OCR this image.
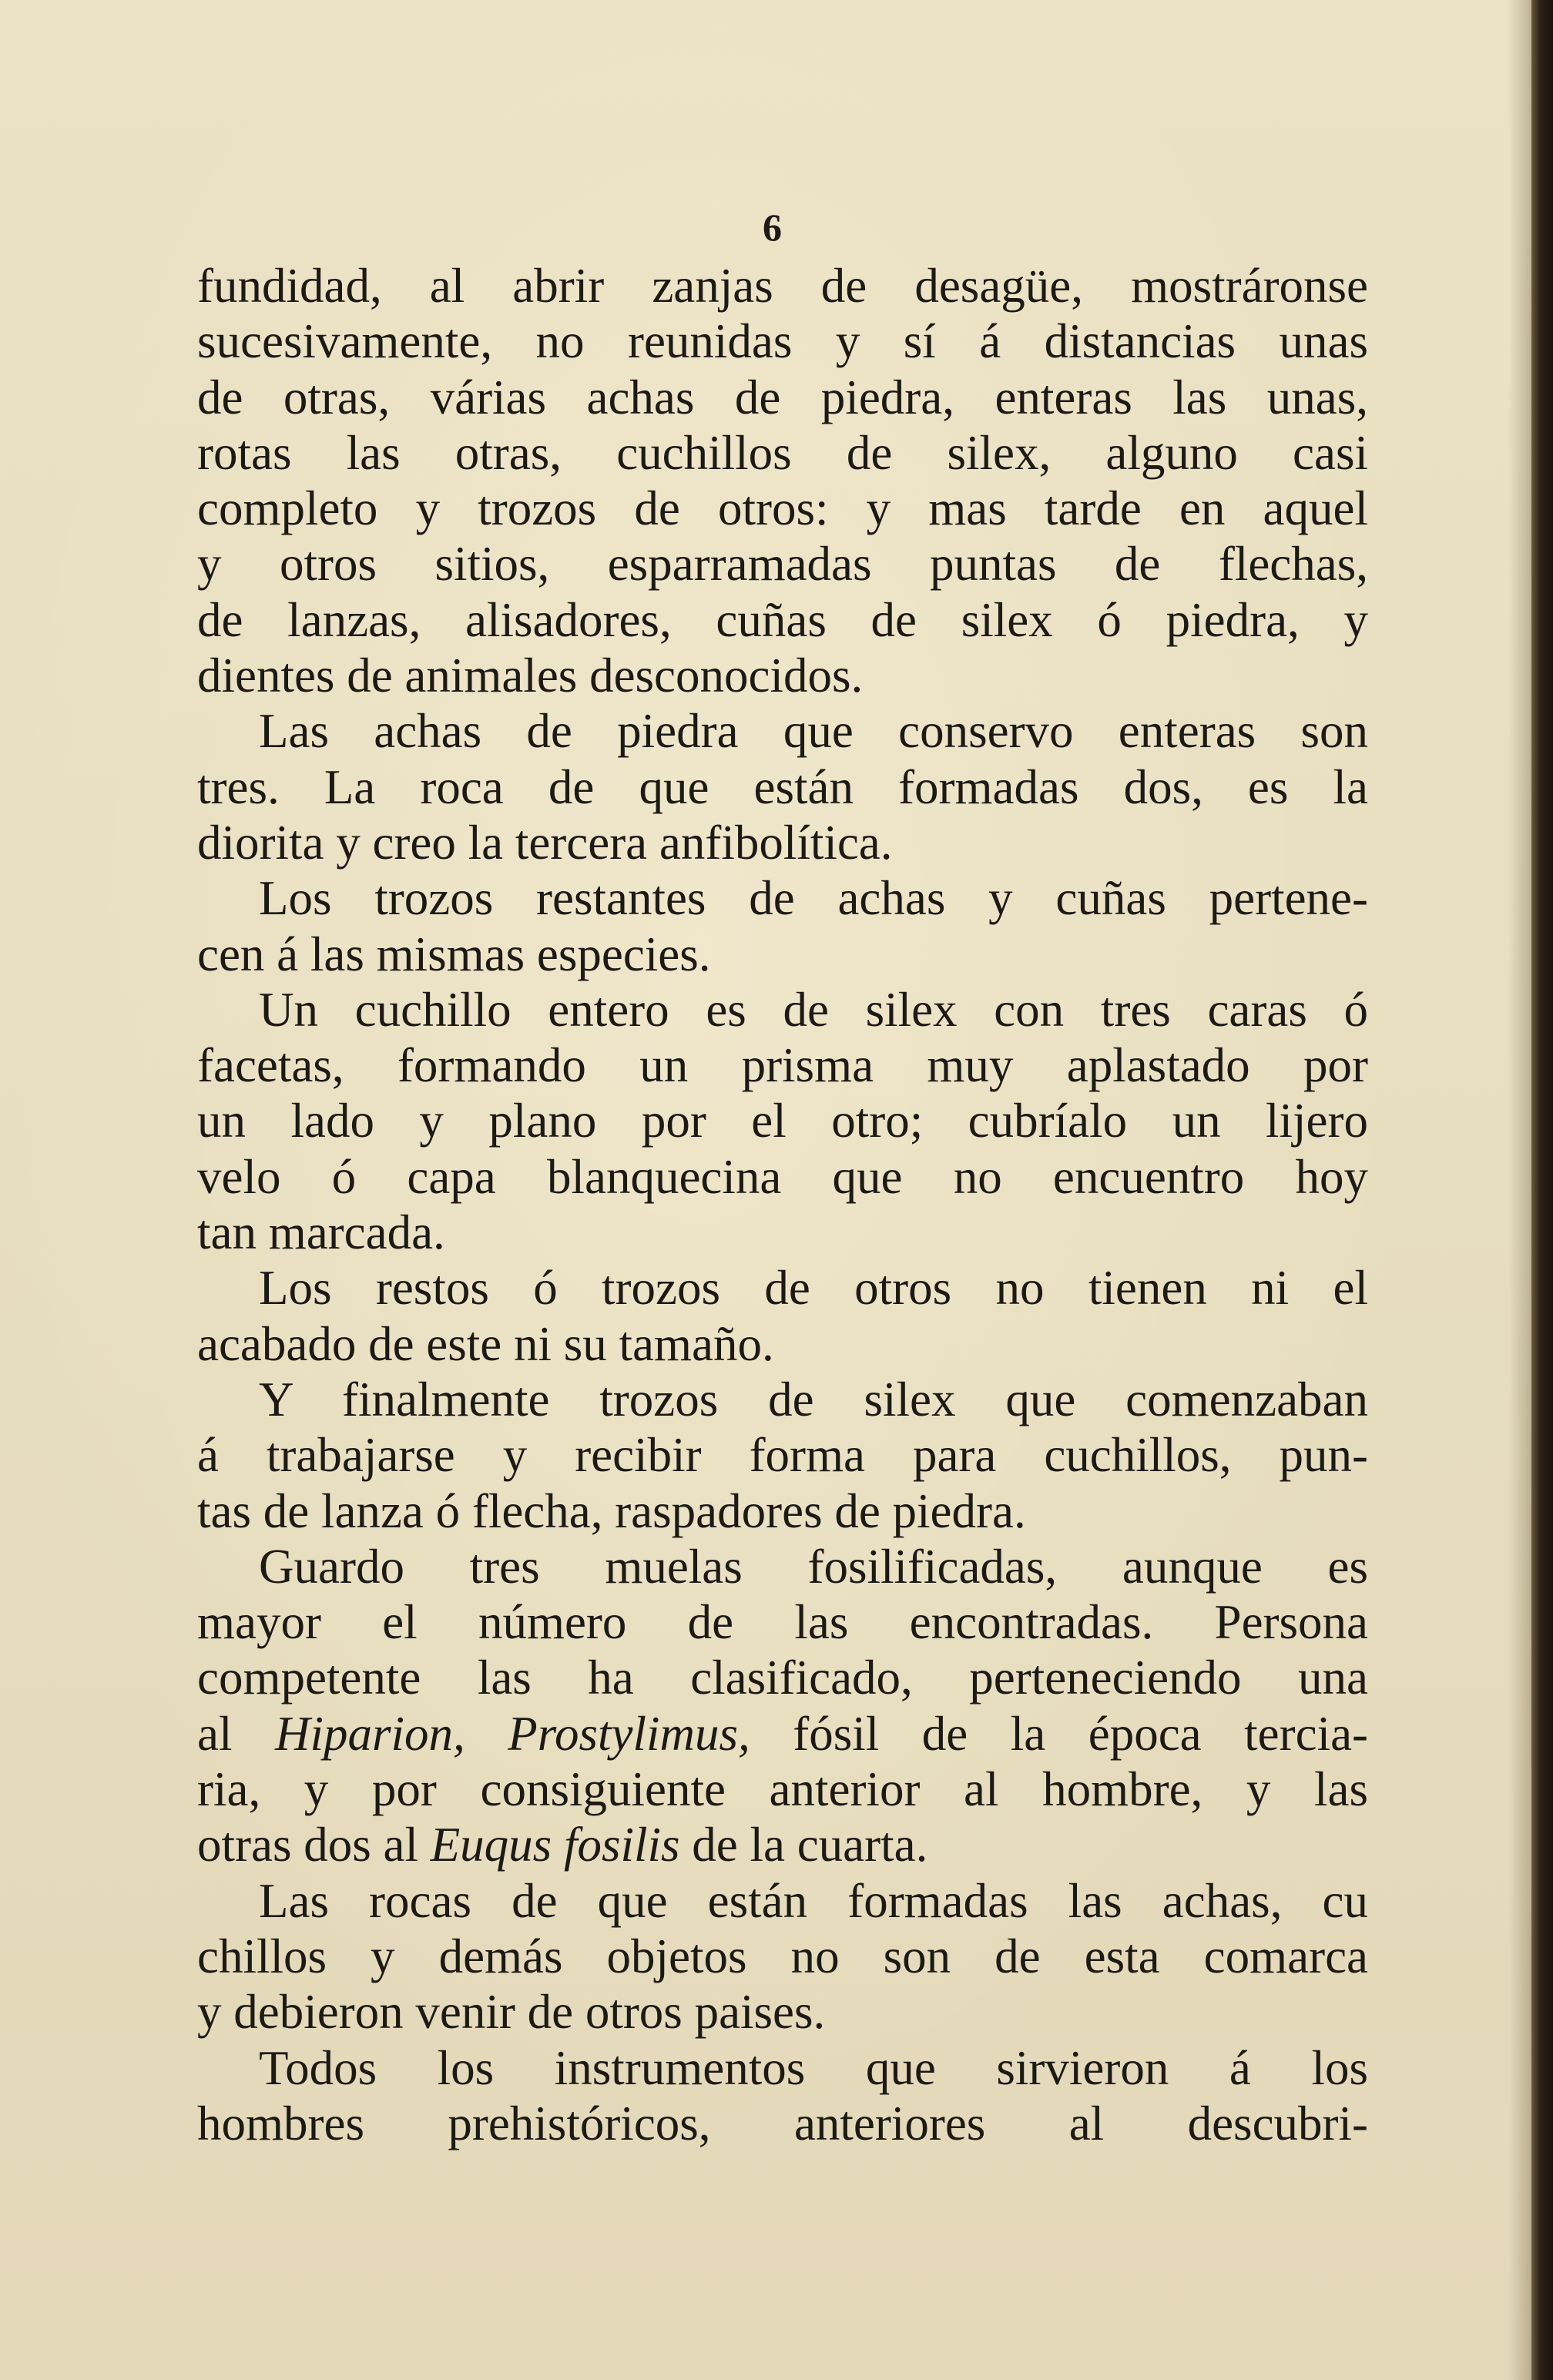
6
fundidad, al abrir zanjas de desagüe, mostráronse
sucesivamente, no reunidas y sí á distancias unas
de otras, várias achas de piedra, enteras las unas,
rotas las otras, cuchillos de silex, alguno casi
completo y trozos de otros: y mas tarde en aquel
y otros sitios, esparramadas puntas de flechas,
de lanzas, alisadores, cuñas de silex ó piedra, y
dientes de animales desconocidos.
Las achas de piedra que conservo enteras son
tres. La roca de que están formadas dos, es la
diorita y creo la tercera anfibolítica.
Los trozos restantes de achas y cuñas pertene-
cen á las mismas especies.
Un cuchillo entero es de silex con tres caras ó
facetas, formando un prisma muy aplastado por
un lado y plano por el otro; cubríalo un lijero
velo ó capa blanquecina que no encuentro hoy
tan marcada.
Los restos ó trozos de otros no tienen ni el
acabado de este ni su tamaño.
Y finalmente trozos de silex que comenzaban
á trabajarse y recibir forma para cuchillos, pun-
tas de lanza ó flecha, raspadores de piedra.
Guardo tres muelas fosilificadas, aunque es
mayor el número de las encontradas. Persona
competente las ha clasificado, perteneciendo una
al Hiparion, Prostylimus, fósil de la época tercia-
ria, y por consiguiente anterior al hombre, y las
otras dos al Euqus fosilis de la cuarta.
Las rocas de que están formadas las achas, cu
chillos y demás objetos no son de esta comarca
y debieron venir de otros paises.
Todos los instrumentos que sirvieron á los
hombres prehistóricos, anteriores al descubri-
